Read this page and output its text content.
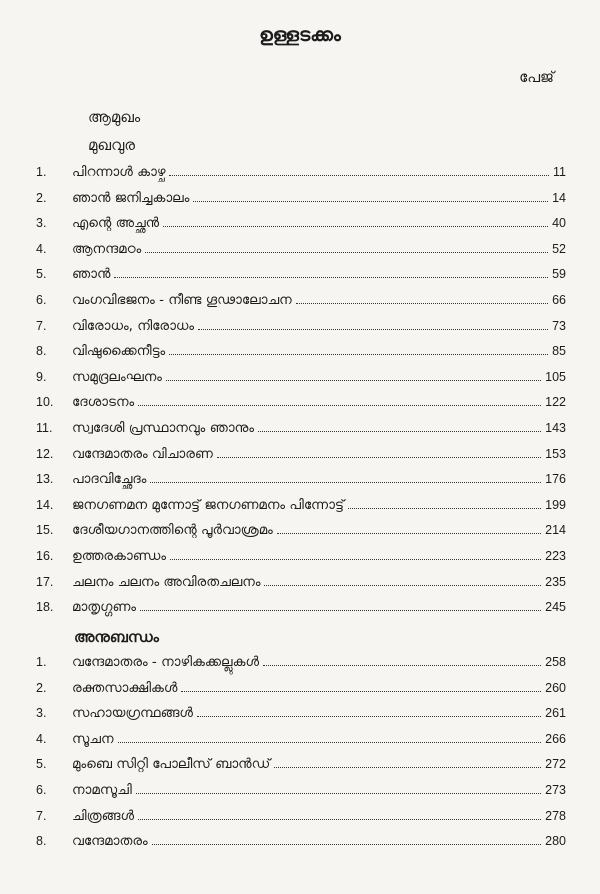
ഉള്ളടക്കം
പേജ്
ആമുഖം
മുഖവുര
1.	പിറന്നാൾ കാഴ്ച	11
2.	ഞാൻ ജനിച്ചകാലം	14
3.	എന്റെ അച്ഛൻ	40
4.	ആനന്ദമഠം	52
5.	ഞാൻ	59
6.	വംഗവിഭജനം - നീണ്ട ഗൂഢാലോചന	66
7.	വിരോധം, നിരോധം	73
8.	വിഷുക്കൈനീട്ടം	85
9.	സമുദ്രലംഘനം	105
10.	ദേശാടനം	122
11.	സ്വദേശി പ്രസ്ഥാനവും ഞാനും	143
12.	വന്ദേമാതരം വിചാരണ	153
13.	പാദവിച്ഛേദം	176
14.	ജനഗണമന മുന്നോട്ട് ജനഗണമനം പിന്നോട്ട്	199
15.	ദേശീയഗാനത്തിന്റെ പൂർവാശ്രമം	214
16.	ഉത്തരകാണ്ഡം	223
17.	ചലനം ചലനം അവിരതചലനം	235
18.	മാതൃഗ്ഗണം	245
അനുബന്ധം
1.	വന്ദേമാതരം - നാഴികക്കല്ലുകൾ	258
2.	രക്തസാക്ഷികൾ	260
3.	സഹായഗ്രന്ഥങ്ങൾ	261
4.	സൂചന	266
5.	മുംബെ സിറ്റി പോലീസ് ബാൻഡ്	272
6.	നാമസൂചി	273
7.	ചിത്രങ്ങൾ	278
8.	വന്ദേമാതരം	280
